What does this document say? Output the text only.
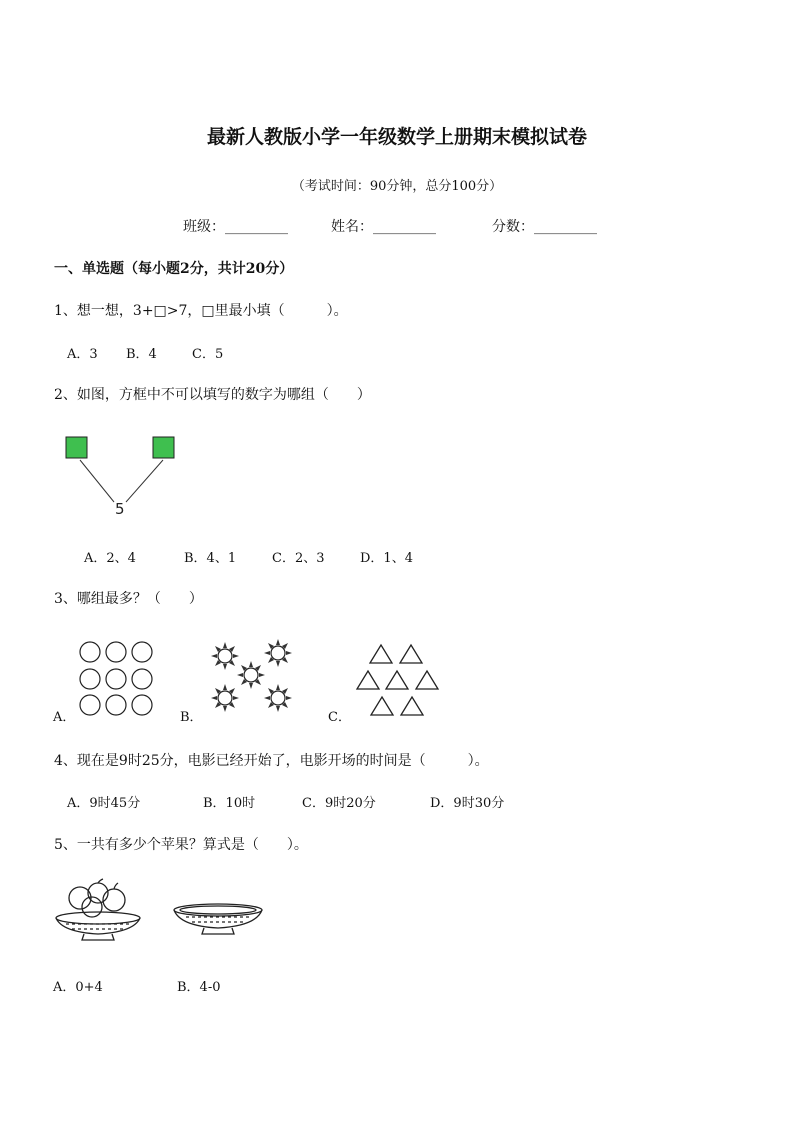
最新人教版小学一年级数学上册期末模拟试卷
（考试时间：90分钟，总分100分）
班级：_________	姓名：_________	分数：_________
一、单选题（每小题2分，共计20分）
1、想一想，3+□>7，□里最小填（　　　）。
A．3 B．4	C．5
2、如图，方框中不可以填写的数字为哪组（　　）
5
A．2、4	B．4、1	C．2、3	D．1、4
3、哪组最多？（　　）
A．	B．	C．
4、现在是9时25分，电影已经开始了，电影开场的时间是（　　　）。
A．9时45分	B．10时	C．9时20分	D．9时30分
5、一共有多少个苹果？算式是（　　）。
A．0+4	B．4-0
